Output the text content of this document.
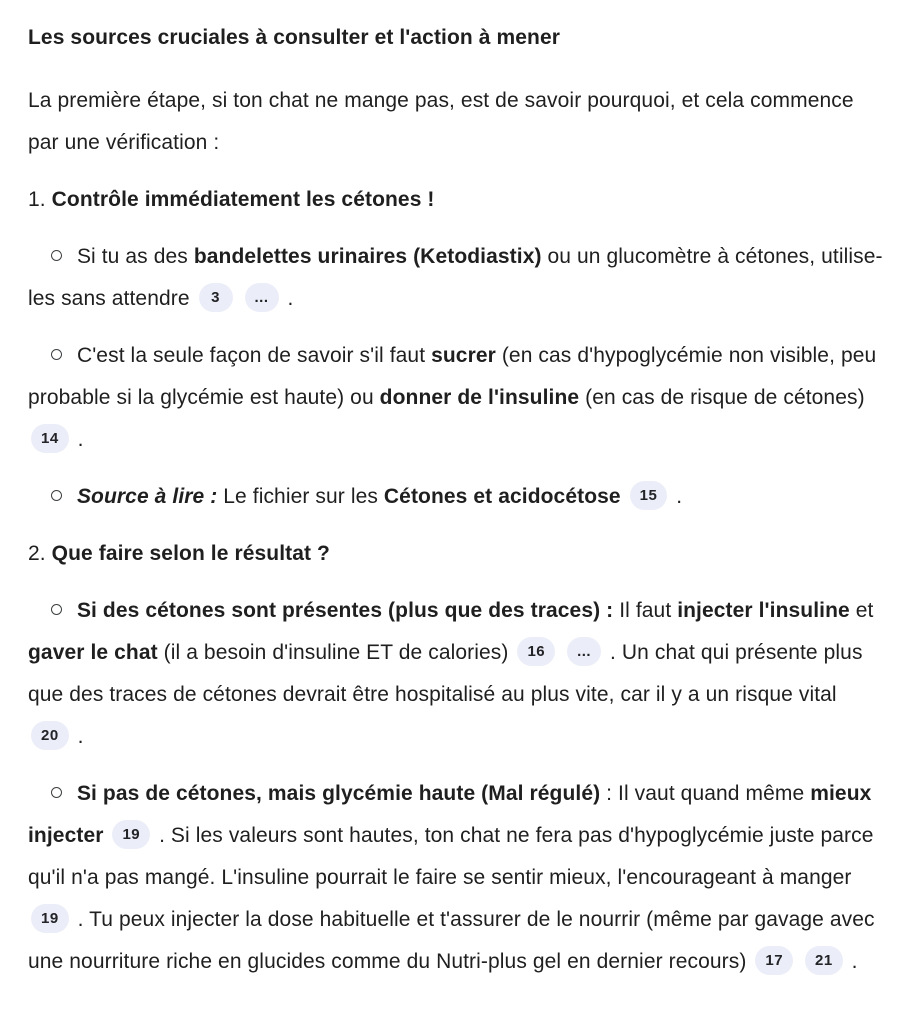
Les sources cruciales à consulter et l'action à mener

La première étape, si ton chat ne mange pas, est de savoir pourquoi, et cela commence par une vérification :

1. Contrôle immédiatement les cétones !

Si tu as des bandelettes urinaires (Ketodiastix) ou un glucomètre à cétones, utilise-les sans attendre 3 ... .

C'est la seule façon de savoir s'il faut sucrer (en cas d'hypoglycémie non visible, peu probable si la glycémie est haute) ou donner de l'insuline (en cas de risque de cétones) 14 .

Source à lire : Le fichier sur les Cétones et acidocétose 15 .

2. Que faire selon le résultat ?

Si des cétones sont présentes (plus que des traces) : Il faut injecter l'insuline et gaver le chat (il a besoin d'insuline ET de calories) 16 ... . Un chat qui présente plus que des traces de cétones devrait être hospitalisé au plus vite, car il y a un risque vital 20 .

Si pas de cétones, mais glycémie haute (Mal régulé) : Il vaut quand même mieux injecter 19 . Si les valeurs sont hautes, ton chat ne fera pas d'hypoglycémie juste parce qu'il n'a pas mangé. L'insuline pourrait le faire se sentir mieux, l'encourageant à manger 19 . Tu peux injecter la dose habituelle et t'assurer de le nourrir (même par gavage avec une nourriture riche en glucides comme du Nutri-plus gel en dernier recours) 17 21 .
